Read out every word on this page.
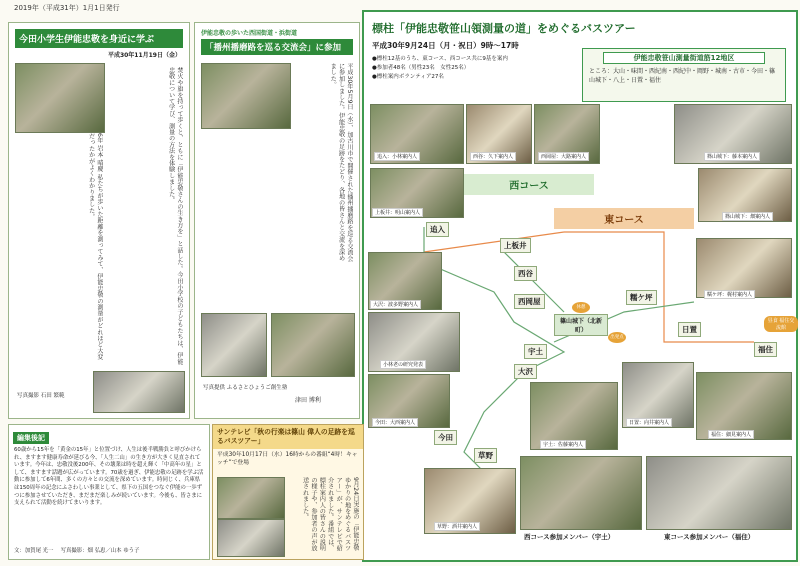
2019年（平成31年）1月1日発行
今田小学生伊能忠敬を身近に学ぶ
平成30年11月19日（金）
焚火や旗を持って歩くと、ともに「伊能忠敬さんの生き方を」と話した。今田小学校の子どもたちは、伊能忠敬について学び、測量の方法を体験しました。
6年 岩本 晴慶 私たちが歩いた距離を測ってみて、伊能忠敬の測量がどれほど大変だったかがよくわかりました。
写真撮影 石田 繁範
伊能忠敬の歩いた西国街道・浜街道
「播州播磨路を巡る交流会」に参加
平成30年5月9日（水）、加古川市で開催された播州播磨路を巡る交流会に参加しました。伊能忠敬の足跡をたどり、各地の皆さんと交流を深めました。
写真提供 ふるさとひょうご創生塾
津田 博利
標柱「伊能忠敬笹山領測量の道」をめぐるバスツアー
平成30年9月24日（月・祝日）9時～17時
●標柱12基のうち、東コース、西コース共に9基を案内
●参加者48名（男性23名　女性25名）
●標柱案内ボランティア27名
伊能忠敬笹山測量街道筋12地区
ところ：大山・味間・西紀南・西紀中・岡野・城南・古市・今田・篠山城下・八上・日置・福住
追入：小林案内人	西谷：久下案内人	西岡屋：大路案内人	篠山城下：藤本案内人
上板井：明山案内人
篠山城下：畑案内人
西コース
東コース
追入
上板井
西谷
西岡屋
大沢
宇土
今田
草野
糯ケ坪
日置
福住
篠山城下（北新町）
休憩
出発点
昼食 福住交流館
大沢：波多野案内人
小林老の研究発表
今田：大西案内人
糯ケ坪：梶村案内人
宇土：佐藤案内人
日置：向井案内人
福住：細見案内人
草野：酒井案内人
西コース参加メンバー（宇土）	東コース参加メンバー（福住）
編集後記
60歳から15年を「黄金の15年」と位置づけ、人生は後半戦勝負と呼びかけられ、ますます健康寿命が延びる今、「人生二山」の生き方が大きく見直されています。今年は、忠敬没後200年、その壊業は時を超え輝く「中高年の星」として、ますます話題が広がっています。70歳を過ぎ、伊能忠敬の足跡を学ぶ活動に参加して6年間、多くの方々との交流を深めています。時同じく、兵庫県は150周年の記念にふさわしい事業として、県下の五国をつなぐ伊能の一歩ずつに参加させていただき、まだまだ楽しみが続いています。今後も、皆さまに支えられて活動を続けてまいります。
文：加賀尾 光一　 写真撮影：畑 弘恵／山本 ゆう子
サンテレビ「秋の行楽は篠山 偉人の足跡を巡るバスツアー」
平成30年10月17日（水）16時からの番組“4時！キャッチ”で登場
9月24日実施の「伊能忠敬ゆかりの地をめぐるバスツアー」が、サンテレビで紹介されました。番組では、標柱案内人の皆さんの説明の様子や、参加者の声が放送されました。
